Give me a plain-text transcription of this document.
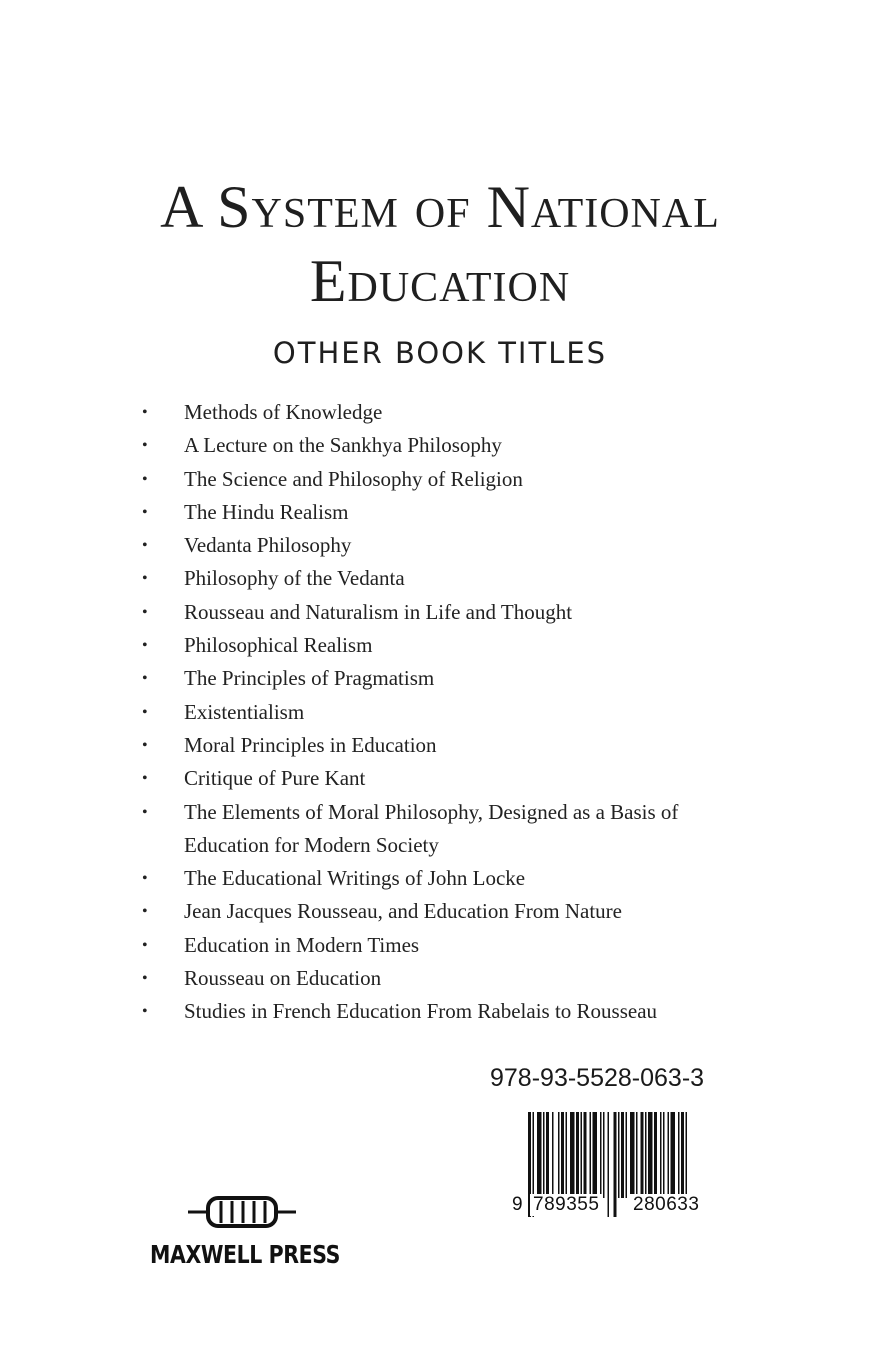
A System of National
Education
OTHER BOOK TITLES
• Methods of Knowledge
• A Lecture on the Sankhya Philosophy
• The Science and Philosophy of Religion
• The Hindu Realism
• Vedanta Philosophy
• Philosophy of the Vedanta
• Rousseau and Naturalism in Life and Thought
• Philosophical Realism
• The Principles of Pragmatism
• Existentialism
• Moral Principles in Education
• Critique of Pure Kant
• The Elements of Moral Philosophy, Designed as a Basis of Education for Modern Society
• The Educational Writings of John Locke
• Jean Jacques Rousseau, and Education From Nature
• Education in Modern Times
• Rousseau on Education
• Studies in French Education From Rabelais to Rousseau
978-93-5528-063-3
9 789355 280633
MAXWELL PRESS
